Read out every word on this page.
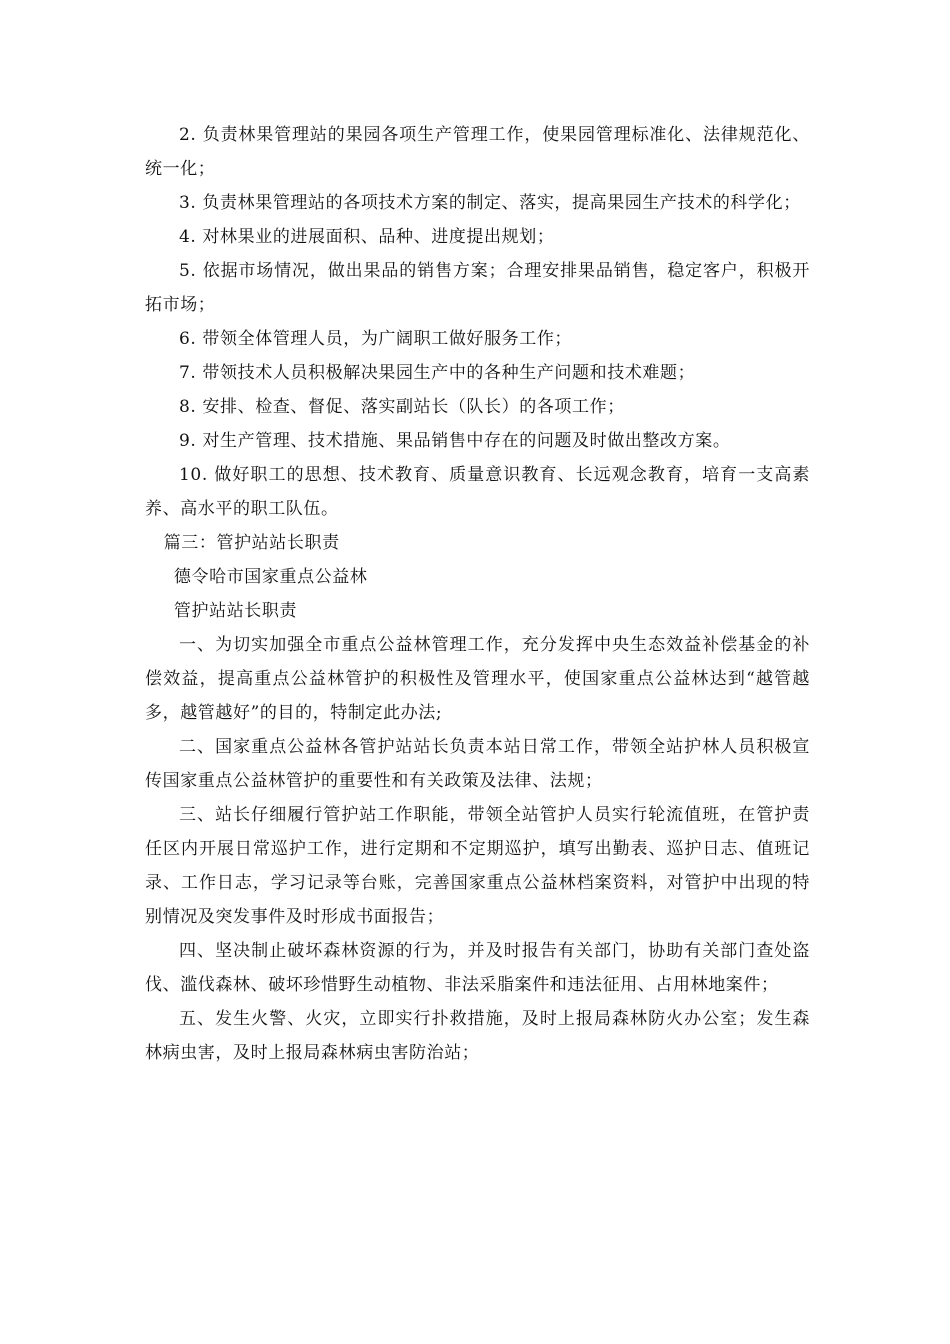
2. 负责林果管理站的果园各项生产管理工作，使果园管理标准化、法律规范化、统一化；

3. 负责林果管理站的各项技术方案的制定、落实，提高果园生产技术的科学化；

4. 对林果业的进展面积、品种、进度提出规划；

5. 依据市场情况，做出果品的销售方案；合理安排果品销售，稳定客户，积极开拓市场；

6. 带领全体管理人员，为广阔职工做好服务工作；

7. 带领技术人员积极解决果园生产中的各种生产问题和技术难题；

8. 安排、检查、督促、落实副站长（队长）的各项工作；

9. 对生产管理、技术措施、果品销售中存在的问题及时做出整改方案。

10. 做好职工的思想、技术教育、质量意识教育、长远观念教育，培育一支高素养、高水平的职工队伍。

篇三：管护站站长职责

德令哈市国家重点公益林

管护站站长职责

一、为切实加强全市重点公益林管理工作，充分发挥中央生态效益补偿基金的补偿效益，提高重点公益林管护的积极性及管理水平，使国家重点公益林达到“越管越多，越管越好”的目的，特制定此办法;

二、国家重点公益林各管护站站长负责本站日常工作，带领全站护林人员积极宣传国家重点公益林管护的重要性和有关政策及法律、法规；

三、站长仔细履行管护站工作职能，带领全站管护人员实行轮流值班，在管护责任区内开展日常巡护工作，进行定期和不定期巡护，填写出勤表、巡护日志、值班记录、工作日志，学习记录等台账，完善国家重点公益林档案资料，对管护中出现的特别情况及突发事件及时形成书面报告；

四、坚决制止破坏森林资源的行为，并及时报告有关部门，协助有关部门查处盗伐、滥伐森林、破坏珍惜野生动植物、非法采脂案件和违法征用、占用林地案件；

五、发生火警、火灾，立即实行扑救措施，及时上报局森林防火办公室；发生森林病虫害，及时上报局森林病虫害防治站；
